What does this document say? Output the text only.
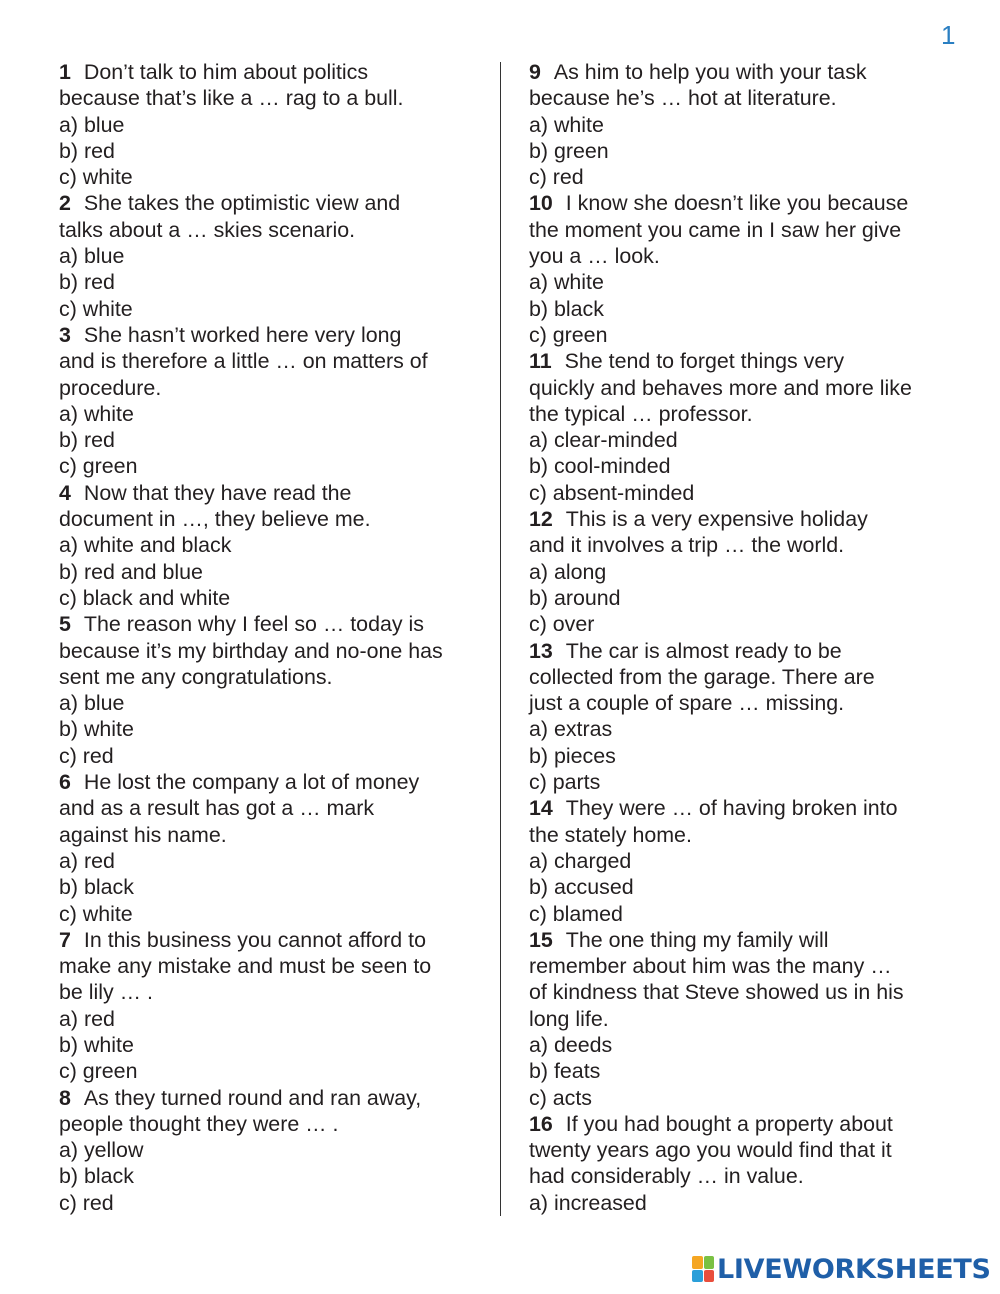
1
1 Don’t talk to him about politics
because that’s like a … rag to a bull.
a) blue
b) red
c) white
2 She takes the optimistic view and
talks about a … skies scenario.
a) blue
b) red
c) white
3 She hasn’t worked here very long
and is therefore a little … on matters of
procedure.
a) white
b) red
c) green
4 Now that they have read the
document in …, they believe me.
a) white and black
b) red and blue
c) black and white
5 The reason why I feel so … today is
because it’s my birthday and no-one has
sent me any congratulations.
a) blue
b) white
c) red
6 He lost the company a lot of money
and as a result has got a … mark
against his name.
a) red
b) black
c) white
7 In this business you cannot afford to
make any mistake and must be seen to
be lily … .
a) red
b) white
c) green
8 As they turned round and ran away,
people thought they were … .
a) yellow
b) black
c) red
9 As him to help you with your task
because he’s … hot at literature.
a) white
b) green
c) red
10 I know she doesn’t like you because
the moment you came in I saw her give
you a … look.
a) white
b) black
c) green
11 She tend to forget things very
quickly and behaves more and more like
the typical … professor.
a) clear-minded
b) cool-minded
c) absent-minded
12 This is a very expensive holiday
and it involves a trip … the world.
a) along
b) around
c) over
13 The car is almost ready to be
collected from the garage. There are
just a couple of spare … missing.
a) extras
b) pieces
c) parts
14 They were … of having broken into
the stately home.
a) charged
b) accused
c) blamed
15 The one thing my family will
remember about him was the many …
of kindness that Steve showed us in his
long life.
a) deeds
b) feats
c) acts
16 If you had bought a property about
twenty years ago you would find that it
had considerably … in value.
a) increased
LIVEWORKSHEETS
